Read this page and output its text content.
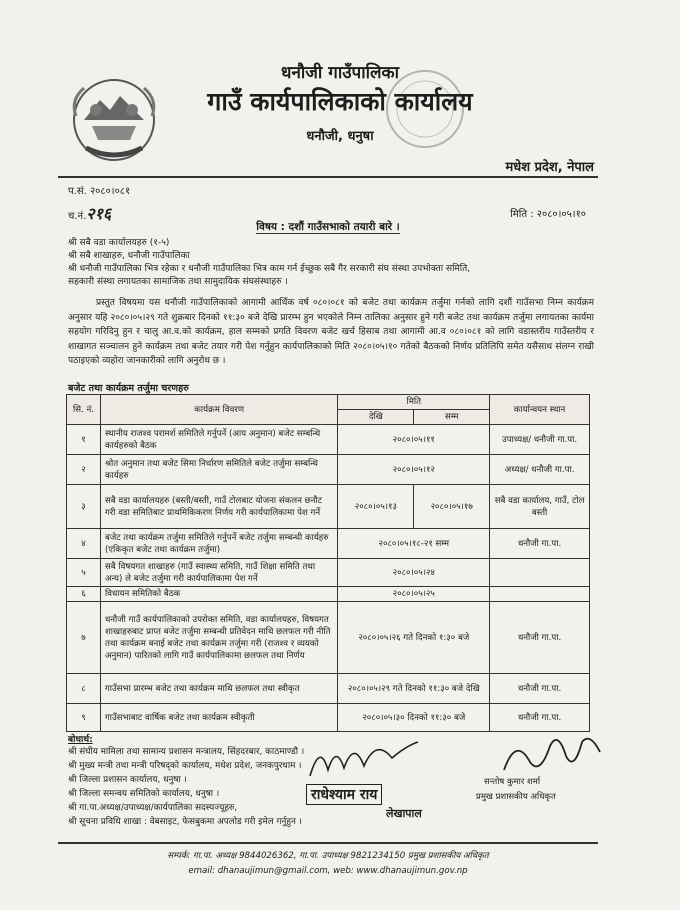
धनौजी गाउँपालिका
गाउँ कार्यपालिकाको कार्यालय
धनौजी, धनुषा
मधेश प्रदेश, नेपाल
प.सं. २०८०।०८१
च.नं.२१६	मिति : २०८०।०५।१०
विषय : दशौं गाउँसभाको तयारी बारे ।
श्री सबै वडा कार्यालयहरु (१-५)
श्री सबै शाखाहरु, धनौजी गाउँपालिका
श्री धनौजी गाउँपालिका भित्र रहेका र धनौजी गाउँपालिका भित्र काम गर्न ईच्छुक सबै गैर सरकारी संघ संस्था उपभोक्ता समिति,
सहकारी संस्था लगायतका सामाजिक तथा सामुदायिक संघसंस्थाहरु ।
प्रस्तुत विषयमा यस धनौजी गाउँपालिकाको आगामी आर्थिक वर्ष ०८०।०८१ को बजेट तथा कार्यक्रम तर्जुमा गर्नको लागि दशौं गाउँसभा निम्न कार्यक्रम अनुसार यहि २०८०।०५।२९ गते शुक्रबार दिनको ११:३० बजे देखि प्रारम्भ हुन भएकोले निम्न तालिका अनुसार हुने गरी बजेट तथा कार्यक्रम तर्जुमा लगायतका कार्यमा सहयोग गरिदिनु हुन र चालु आ.व.को कार्यक्रम, हाल सम्मको प्रगति विवरण बजेट खर्च हिसाब तथा आगामी आ.व ०८०।०८१ को लागि वडास्तरीय गाउँस्तरीय र शाखागत सञ्चालन हुने कार्यक्रम तथा बजेट तयार गरी पेश गर्नुहुन कार्यपालिकाको मिति २०८०।०५।१० गतेको बैठकको निर्णय प्रतिलिपि समेत यसैसाथ संलग्न राखी पठाइएको व्यहोरा जानकारीको लागि अनुरोध छ ।
बजेट तथा कार्यक्रम तर्जुमा चरणहरु
सि. नं.	कार्यक्रम विवरण	मिति		कार्यान्वयन स्थान
		देखि	सम्म	
१	स्थानीय राजश्व परामर्श समितिले गर्नुपर्ने (आय अनुमान) बजेट सम्बन्धि कार्यहरुको बैठक	२०८०।०५।११		उपाध्यक्ष/ धनौजी गा.पा.
२	श्रोत अनुमान तथा बजेट सिमा निर्धारण समितिले बजेट तर्जुमा सम्बन्धि कार्यहरु	२०८०।०५।१२		अध्यक्ष/ धनौजी गा.पा.
३	सबै वडा कार्यालयहरु (बस्ती/बस्ती, गाउँ टोलबाट योजना संकलन छनौट गरी वडा समितिबाट प्राथमिकिकरण निर्णय गरी कार्यपालिकामा पेश गर्ने	२०८०।०५।१३	२०८०।०५।१७	सबै वडा कार्यालय, गाउँ, टोल बस्ती
४	बजेट तथा कार्यक्रम तर्जुमा समितिले गर्नुपर्ने बजेट तर्जुमा सम्बन्धी कार्यहरु (एकिकृत बजेट तथा कार्यक्रम तर्जुमा)	२०८०।०५।१८-२१ सम्म		धनौजी गा.पा.
५	सबै विषयगत शाखाहरु (गाउँ स्वास्थ्य समिति, गाउँ शिक्षा समिति तथा अन्य) ले बजेट तर्जुमा गरी कार्यपालिकामा पेश गर्ने	२०८०।०५।२४		
६	विधायन समितिको बैठक	२०८०।०५।२५		
७	धनौजी गाउँ कार्यपालिकाको उपरोक्त समिति, वडा कार्यालयहरु, विषयगत शाखाहरुबाट प्राप्त बजेट तर्जुमा सम्बन्धी प्रतिवेदन माथि छलफल गरी नीति तथा कार्यक्रम बनाई बजेट तथा कार्यक्रम तर्जुमा गरी (राजश्व र व्ययको अनुमान) पारितको लागि गाउँ कार्यपालिकामा छलफल तथा निर्णय	२०८०।०५।२६ गते दिनको १:३० बजे		धनौजी गा.पा.
८	गाउँसभा प्रारम्भ बजेट तथा कार्यक्रम माथि छलफल तथा स्वीकृत	२०८०।०५।२९ गते दिनको ११:३० बजे देखि		धनौजी गा.पा.
९	गाउँसभाबाट वार्षिक बजेट तथा कार्यक्रम स्वीकृती	२०८०।०५।३० दिनको ११:३० बजे		धनौजी गा.पा.
बोधार्थ:
श्री संघीय मामिला तथा सामान्य प्रशासन मन्त्रालय, सिंहदरबार, काठमाण्डौ ।
श्री मुख्य मन्त्री तथा मन्त्री परिषद्को कार्यालय, मधेश प्रदेश, जनकपुरधाम ।
श्री जिल्ला प्रशासन कार्यालय, धनुषा ।
श्री जिल्ला समन्वय समितिको कार्यालय, धनुषा ।
श्री गा.पा.अध्यक्ष/उपाध्यक्ष/कार्यपालिका सदस्यज्यूहरु,
श्री सूचना प्रविधि शाखा : वेबसाइट, फेसबुकमा अपलोड गरी इमेल गर्नुहुन ।
राधेश्याम राय
लेखापाल
सन्तोष कुमार शर्मा
प्रमुख प्रशासकीय अधिकृत
सम्पर्क: गा.पा. अध्यक्ष 9844026362, गा.पा. उपाध्यक्ष 9821234150 प्रमुख प्रशासकीय अधिकृत
email: dhanaujimun@gmail.com, web: www.dhanaujimun.gov.np
